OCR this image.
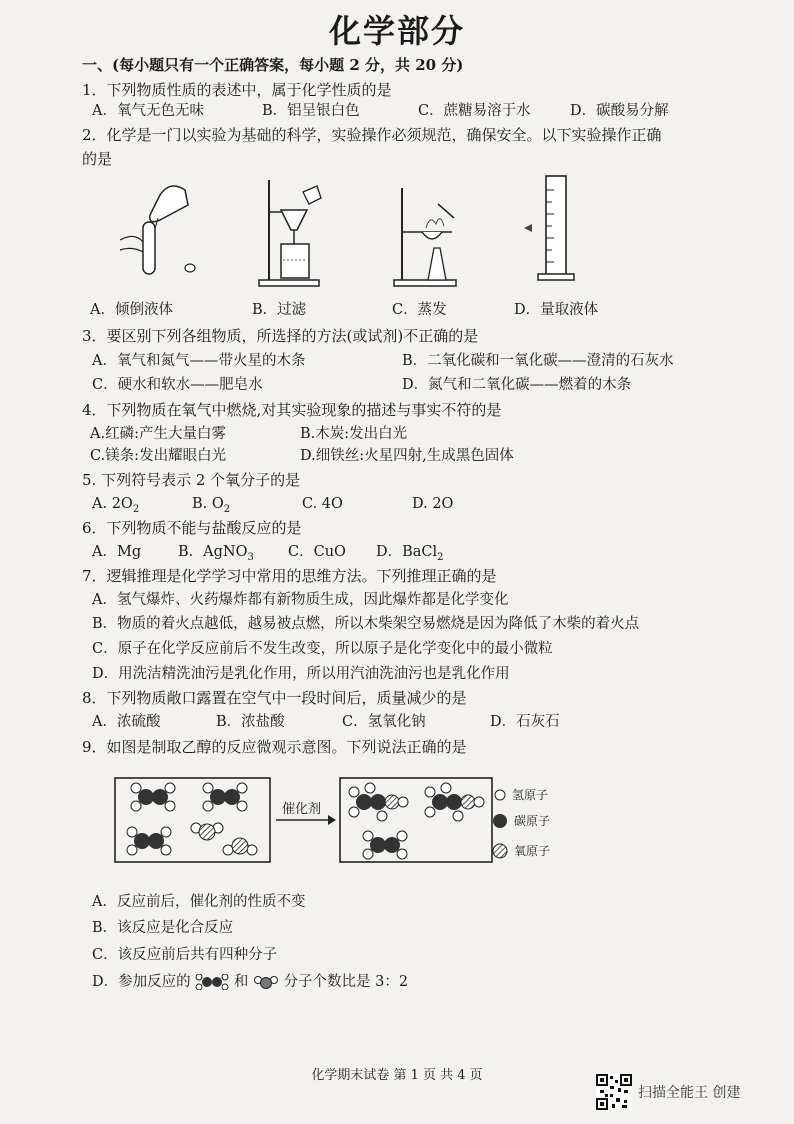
化学部分
一、(每小题只有一个正确答案，每小题 2 分，共 20 分)
1．下列物质性质的表述中，属于化学性质的是
A．氧气无色无味	B．铝呈银白色	C．蔗糖易溶于水	D．碳酸易分解
2．化学是一门以实验为基础的科学，实验操作必须规范，确保安全。以下实验操作正确
的是
A．倾倒液体	B．过滤	C．蒸发	D．量取液体
3．要区别下列各组物质，所选择的方法(或试剂)不正确的是
A．氧气和氮气——带火星的木条	B．二氧化碳和一氧化碳——澄清的石灰水
C．硬水和软水——肥皂水	D．氮气和二氧化碳——燃着的木条
4．下列物质在氧气中燃烧,对其实验现象的描述与事实不符的是
A.红磷:产生大量白雾	B.木炭:发出白光
C.镁条:发出耀眼白光	D.细铁丝:火星四射,生成黑色固体
5. 下列符号表示 2 个氧分子的是
A. $2O_2$	B. $O_2$	C. 4O	D. 2O
6．下列物质不能与盐酸反应的是
A．Mg	B．AgNO$_3$ C．CuO D．BaCl$_2$
7．逻辑推理是化学学习中常用的思维方法。下列推理正确的是
A．氢气爆炸、火药爆炸都有新物质生成，因此爆炸都是化学变化
B．物质的着火点越低，越易被点燃，所以木柴架空易燃烧是因为降低了木柴的着火点
C．原子在化学反应前后不发生改变，所以原子是化学变化中的最小微粒
D．用洗洁精洗油污是乳化作用，所以用汽油洗油污也是乳化作用
8．下列物质敞口露置在空气中一段时间后，质量减少的是
A．浓硫酸	B．浓盐酸	C．氢氧化钠	D．石灰石
9．如图是制取乙醇的反应微观示意图。下列说法正确的是
催化剂
氢原子
碳原子
氧原子
A．反应前后，催化剂的性质不变
B．该反应是化合反应
C．该反应前后共有四种分子
D．参加反应的	和 分子个数比是 3：2
化学期末试卷 第 1 页 共 4 页
扫描全能王 创建
